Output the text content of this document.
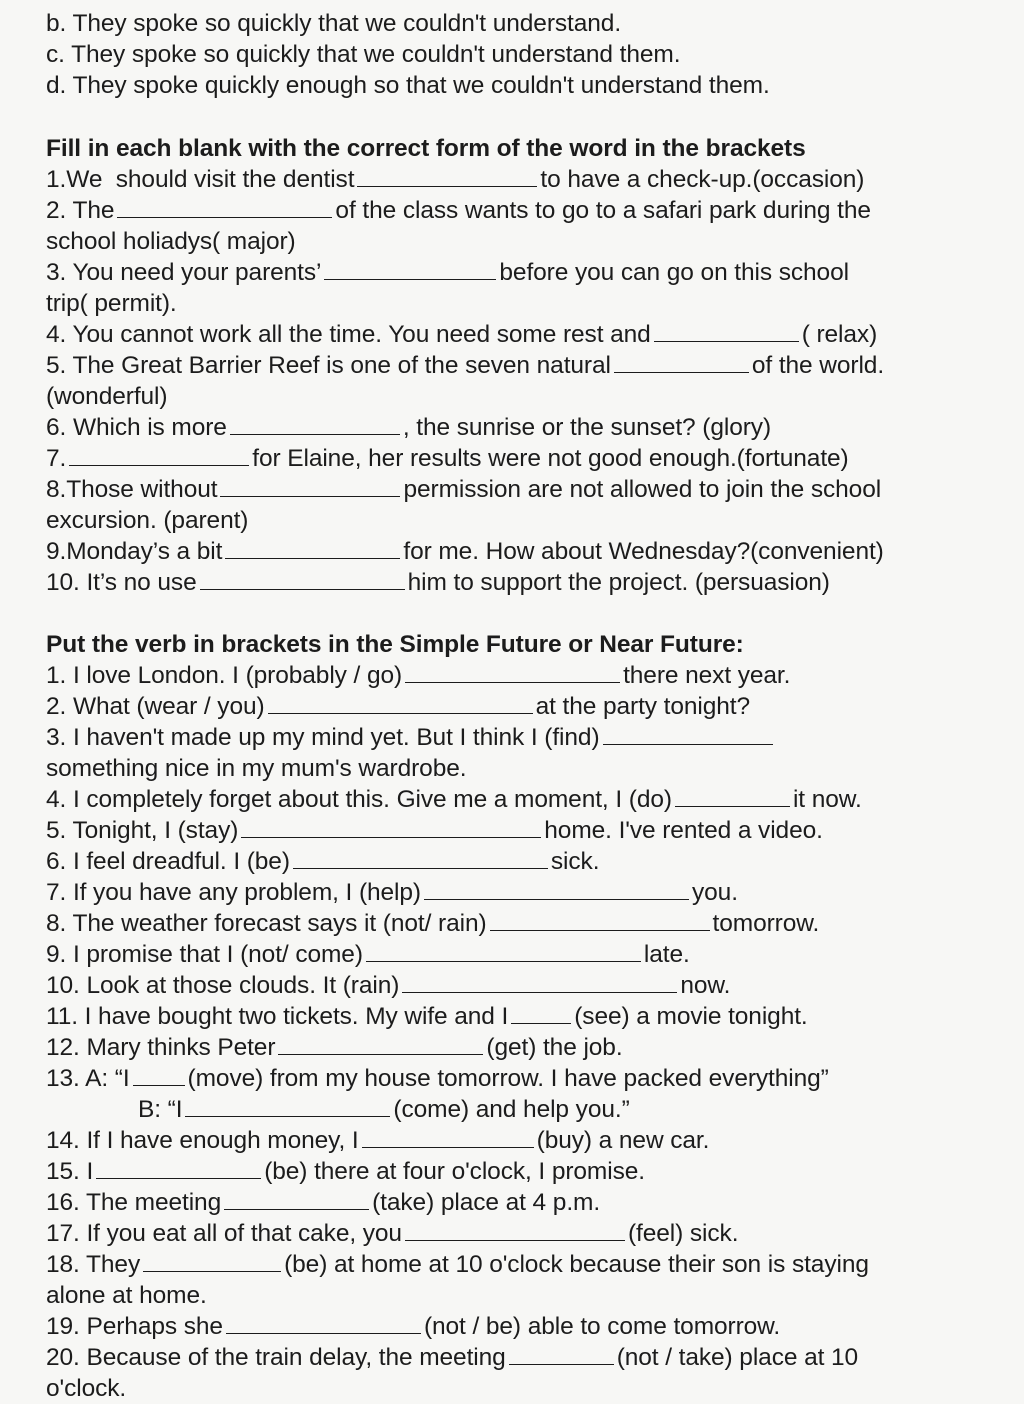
b. They spoke so quickly that we couldn't understand.
c. They spoke so quickly that we couldn't understand them.
d. They spoke quickly enough so that we couldn't understand them.
Fill in each blank with the correct form of the word in the brackets
1.We  should visit the dentist	to have a check-up.(occasion)
2. The	of the class wants to go to a safari park during the
school holiadys( major)
3. You need your parents’	before you can go on this school
trip( permit).
4. You cannot work all the time. You need some rest and	( relax)
5. The Great Barrier Reef is one of the seven natural	of the world.
(wonderful)
6. Which is more	, the sunrise or the sunset? (glory)
7.	for Elaine, her results were not good enough.(fortunate)
8.Those without	permission are not allowed to join the school
excursion. (parent)
9.Monday’s a bit	for me. How about Wednesday?(convenient)
10. It’s no use	him to support the project. (persuasion)
Put the verb in brackets in the Simple Future or Near Future:
1. I love London. I (probably / go)	there next year.
2. What (wear / you)	at the party tonight?
3. I haven't made up my mind yet. But I think I (find)
something nice in my mum's wardrobe.
4. I completely forget about this. Give me a moment, I (do)	it now.
5. Tonight, I (stay)	home. I've rented a video.
6. I feel dreadful. I (be)	sick.
7. If you have any problem, I (help)	you.
8. The weather forecast says it (not/ rain)	tomorrow.
9. I promise that I (not/ come)	late.
10. Look at those clouds. It (rain)	now.
11. I have bought two tickets. My wife and I	(see) a movie tonight.
12. Mary thinks Peter	(get) the job.
13. A: “I (move) from my house tomorrow. I have packed everything”
B: “I	(come) and help you.”
14. If I have enough money, I	(buy) a new car.
15. I	(be) there at four o'clock, I promise.
16. The meeting	(take) place at 4 p.m.
17. If you eat all of that cake, you	(feel) sick.
18. They	(be) at home at 10 o'clock because their son is staying
alone at home.
19. Perhaps she	(not / be) able to come tomorrow.
20. Because of the train delay, the meeting	(not / take) place at 10
o'clock.
